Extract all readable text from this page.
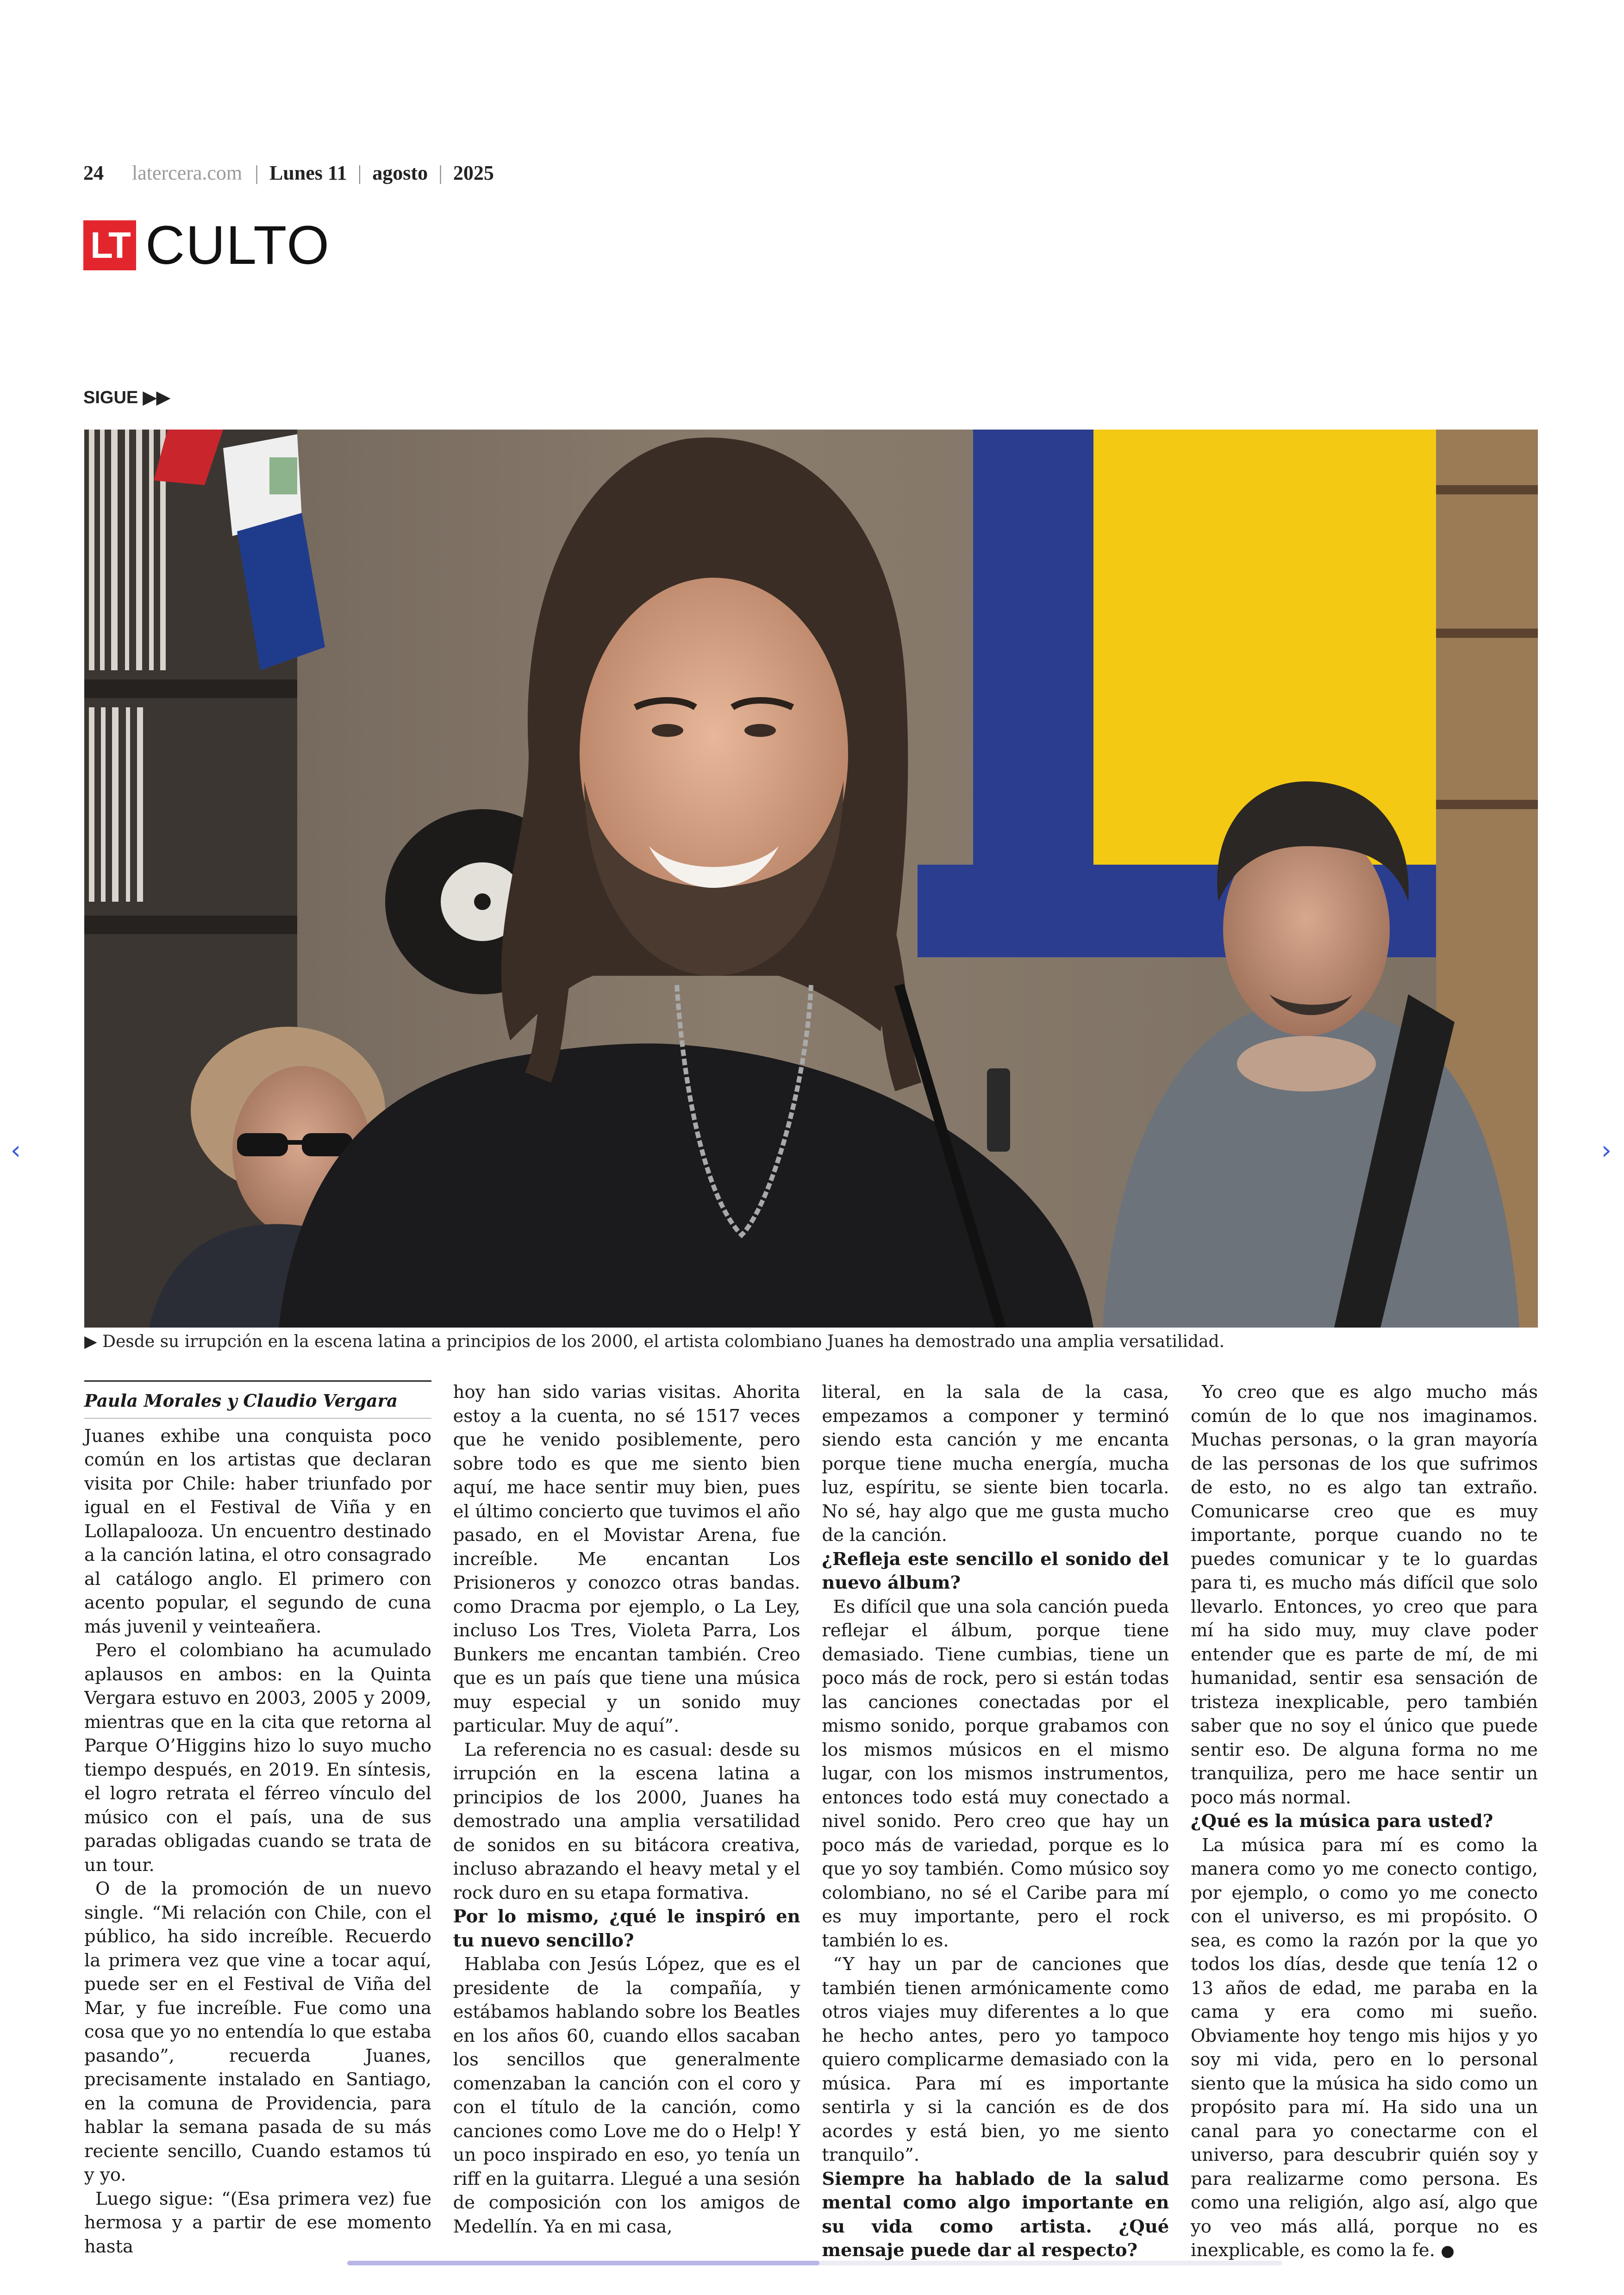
24 latercera.com | Lunes 11 | agosto | 2025
LT CULTO
SIGUE ▶▶
▶ Desde su irrupción en la escena latina a principios de los 2000, el artista colombiano Juanes ha demostrado una amplia versatilidad.
‹	›
Paula Morales y Claudio Vergara

Juanes exhibe una conquista poco común en los artistas que declaran visita por Chile: haber triunfado por igual en el Festival de Viña y en Lollapalooza. Un encuentro destinado a la canción latina, el otro consagrado al catálogo anglo. El primero con acento popular, el segundo de cuna más juvenil y veinteañera.

Pero el colombiano ha acumulado aplausos en ambos: en la Quinta Vergara estuvo en 2003, 2005 y 2009, mientras que en la cita que retorna al Parque O’Higgins hizo lo suyo mucho tiempo después, en 2019. En síntesis, el logro retrata el férreo vínculo del músico con el país, una de sus paradas obligadas cuando se trata de un tour.

O de la promoción de un nuevo single. “Mi relación con Chile, con el público, ha sido increíble. Recuerdo la primera vez que vine a tocar aquí, puede ser en el Festival de Viña del Mar, y fue increíble. Fue como una cosa que yo no entendía lo que estaba pasando”, recuerda Juanes, precisamente instalado en Santiago, en la comuna de Providencia, para hablar la semana pasada de su más reciente sencillo, Cuando estamos tú y yo.

Luego sigue: “(Esa primera vez) fue hermosa y a partir de ese momento hasta

hoy han sido varias visitas. Ahorita estoy a la cuenta, no sé 1517 veces que he venido posiblemente, pero sobre todo es que me siento bien aquí, me hace sentir muy bien, pues el último concierto que tuvimos el año pasado, en el Movistar Arena, fue increíble. Me encantan Los Prisioneros y conozco otras bandas. como Dracma por ejemplo, o La Ley, incluso Los Tres, Violeta Parra, Los Bunkers me encantan también. Creo que es un país que tiene una música muy especial y un sonido muy particular. Muy de aquí”.

La referencia no es casual: desde su irrupción en la escena latina a principios de los 2000, Juanes ha demostrado una amplia versatilidad de sonidos en su bitácora creativa, incluso abrazando el heavy metal y el rock duro en su etapa formativa.

Por lo mismo, ¿qué le inspiró en tu nuevo sencillo?

Hablaba con Jesús López, que es el presidente de la compañía, y estábamos hablando sobre los Beatles en los años 60, cuando ellos sacaban los sencillos que generalmente comenzaban la canción con el coro y con el título de la canción, como canciones como Love me do o Help! Y un poco inspirado en eso, yo tenía un riff en la guitarra. Llegué a una sesión de composición con los amigos de Medellín. Ya en mi casa,

literal, en la sala de la casa, empezamos a componer y terminó siendo esta canción y me encanta porque tiene mucha energía, mucha luz, espíritu, se siente bien tocarla. No sé, hay algo que me gusta mucho de la canción.

¿Refleja este sencillo el sonido del nuevo álbum?

Es difícil que una sola canción pueda reflejar el álbum, porque tiene demasiado. Tiene cumbias, tiene un poco más de rock, pero si están todas las canciones conectadas por el mismo sonido, porque grabamos con los mismos músicos en el mismo lugar, con los mismos instrumentos, entonces todo está muy conectado a nivel sonido. Pero creo que hay un poco más de variedad, porque es lo que yo soy también. Como músico soy colombiano, no sé el Caribe para mí es muy importante, pero el rock también lo es.

“Y hay un par de canciones que también tienen armónicamente como otros viajes muy diferentes a lo que he hecho antes, pero yo tampoco quiero complicarme demasiado con la música. Para mí es importante sentirla y si la canción es de dos acordes y está bien, yo me siento tranquilo”.

Siempre ha hablado de la salud mental como algo importante en su vida como artista. ¿Qué mensaje puede dar al respecto?

Yo creo que es algo mucho más común de lo que nos imaginamos. Muchas personas, o la gran mayoría de las personas de los que sufrimos de esto, no es algo tan extraño. Comunicarse creo que es muy importante, porque cuando no te puedes comunicar y te lo guardas para ti, es mucho más difícil que solo llevarlo. Entonces, yo creo que para mí ha sido muy, muy clave poder entender que es parte de mí, de mi humanidad, sentir esa sensación de tristeza inexplicable, pero también saber que no soy el único que puede sentir eso. De alguna forma no me tranquiliza, pero me hace sentir un poco más normal.

¿Qué es la música para usted?

La música para mí es como la manera como yo me conecto contigo, por ejemplo, o como yo me conecto con el universo, es mi propósito. O sea, es como la razón por la que yo todos los días, desde que tenía 12 o 13 años de edad, me paraba en la cama y era como mi sueño. Obviamente hoy tengo mis hijos y yo soy mi vida, pero en lo personal siento que la música ha sido como un propósito para mí. Ha sido una un canal para yo conectarme con el universo, para descubrir quién soy y para realizarme como persona. Es como una religión, algo así, algo que yo veo más allá, porque no es inexplicable, es como la fe. ●
